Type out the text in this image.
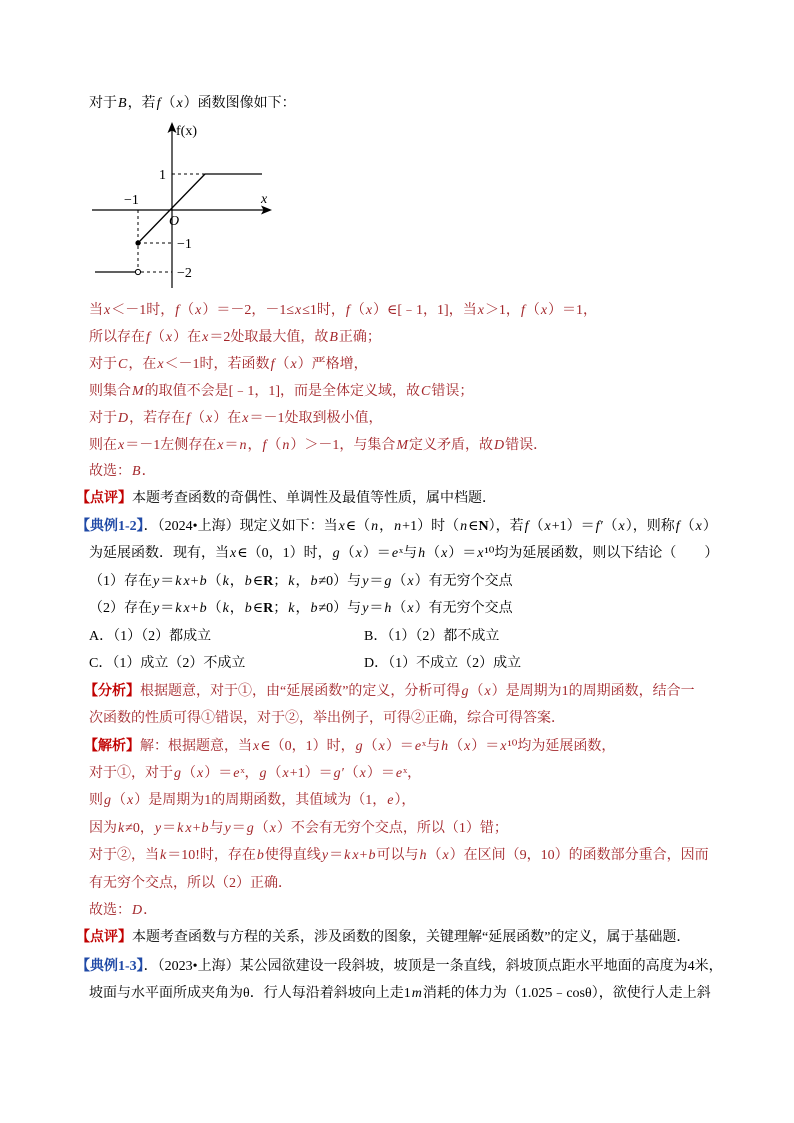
对于B，若f（x）函数图像如下：
f(x)
x
O
1
−1
−1
−2
当x＜－1时，f（x）＝－2，－1≤x≤1时，f（x）∈[﹣1，1]，当x＞1，f（x）＝1，
所以存在f（x）在x＝2处取最大值，故B正确；
对于C，在x＜－1时，若函数f（x）严格增，
则集合M的取值不会是[﹣1，1]，而是全体定义域，故C错误；
对于D，若存在f（x）在x＝－1处取到极小值，
则在x＝－1左侧存在x＝n，f（n）＞－1，与集合M定义矛盾，故D错误．
故选：B．
【点评】本题考查函数的奇偶性、单调性及最值等性质，属中档题．
【典例1-2】．（2024•上海）现定义如下：当x∈（n，n+1）时（n∈N），若f（x+1）＝f′（x），则称f（x）
为延展函数．现有，当x∈（0，1）时，g（x）＝eˣ与h（x）＝x¹⁰均为延展函数，则以下结论（　　）
（1）存在y＝k x+b（k，b∈R；k，b≠0）与y＝g（x）有无穷个交点
（2）存在y＝k x+b（k，b∈R；k，b≠0）与y＝h（x）有无穷个交点
A．（1）（2）都成立	B．（1）（2）都不成立
C．（1）成立（2）不成立	D．（1）不成立（2）成立
【分析】根据题意，对于①，由“延展函数”的定义，分析可得g（x）是周期为1的周期函数，结合一
次函数的性质可得①错误，对于②，举出例子，可得②正确，综合可得答案．
【解析】解：根据题意，当x∈（0，1）时，g（x）＝eˣ与h（x）＝x¹⁰均为延展函数，
对于①，对于g（x）＝eˣ，g（x+1）＝g′（x）＝eˣ，
则g（x）是周期为1的周期函数，其值域为（1，e），
因为k≠0，y＝k x+b与y＝g（x）不会有无穷个交点，所以（1）错；
对于②，当k＝10!时，存在b使得直线y＝k x+b可以与h（x）在区间（9，10）的函数部分重合，因而
有无穷个交点，所以（2）正确．
故选：D．
【点评】本题考查函数与方程的关系，涉及函数的图象，关键理解“延展函数”的定义，属于基础题．
【典例1-3】．（2023•上海）某公园欲建设一段斜坡，坡顶是一条直线，斜坡顶点距水平地面的高度为4米，
坡面与水平面所成夹角为θ．行人每沿着斜坡向上走1m消耗的体力为（1.025﹣cosθ），欲使行人走上斜
